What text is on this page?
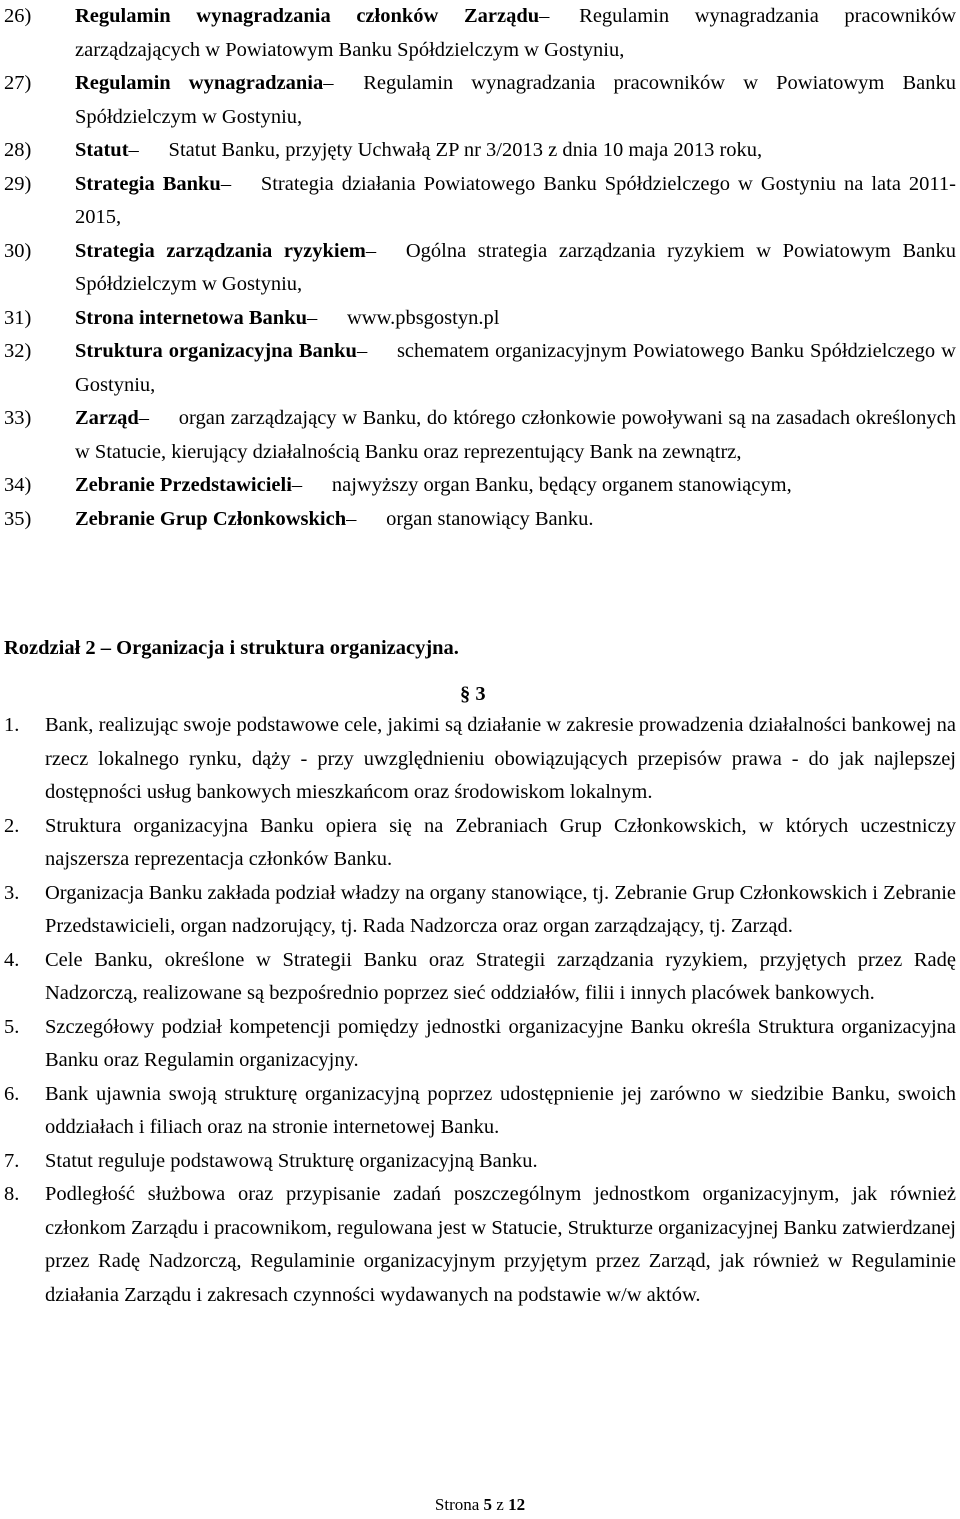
26) Regulamin wynagradzania członków Zarządu– Regulamin wynagradzania pracowników zarządzających w Powiatowym Banku Spółdzielczym w Gostyniu,
27) Regulamin wynagradzania– Regulamin wynagradzania pracowników w Powiatowym Banku Spółdzielczym w Gostyniu,
28) Statut– Statut Banku, przyjęty Uchwałą ZP nr 3/2013 z dnia 10 maja 2013 roku,
29) Strategia Banku– Strategia działania Powiatowego Banku Spółdzielczego w Gostyniu na lata 2011-2015,
30) Strategia zarządzania ryzykiem– Ogólna strategia zarządzania ryzykiem w Powiatowym Banku Spółdzielczym w Gostyniu,
31) Strona internetowa Banku– www.pbsgostyn.pl
32) Struktura organizacyjna Banku– schematem organizacyjnym Powiatowego Banku Spółdzielczego w Gostyniu,
33) Zarząd– organ zarządzający w Banku, do którego członkowie powoływani są na zasadach określonych w Statucie, kierujący działalnością Banku oraz reprezentujący Bank na zewnątrz,
34) Zebranie Przedstawicieli– najwyższy organ Banku, będący organem stanowiącym,
35) Zebranie Grup Członkowskich– organ stanowiący Banku.
Rozdział 2 – Organizacja i struktura organizacyjna.
§ 3
1. Bank, realizując swoje podstawowe cele, jakimi są działanie w zakresie prowadzenia działalności bankowej na rzecz lokalnego rynku, dąży - przy uwzględnieniu obowiązujących przepisów prawa - do jak najlepszej dostępności usług bankowych mieszkańcom oraz środowiskom lokalnym.
2. Struktura organizacyjna Banku opiera się na Zebraniach Grup Członkowskich, w których uczestniczy najszersza reprezentacja członków Banku.
3. Organizacja Banku zakłada podział władzy na organy stanowiące, tj. Zebranie Grup Członkowskich i Zebranie Przedstawicieli, organ nadzorujący, tj. Rada Nadzorcza oraz organ zarządzający, tj. Zarząd.
4. Cele Banku, określone w Strategii Banku oraz Strategii zarządzania ryzykiem, przyjętych przez Radę Nadzorczą, realizowane są bezpośrednio poprzez sieć oddziałów, filii i innych placówek bankowych.
5. Szczegółowy podział kompetencji pomiędzy jednostki organizacyjne Banku określa Struktura organizacyjna Banku oraz Regulamin organizacyjny.
6. Bank ujawnia swoją strukturę organizacyjną poprzez udostępnienie jej zarówno w siedzibie Banku, swoich oddziałach i filiach oraz na stronie internetowej Banku.
7. Statut reguluje podstawową Strukturę organizacyjną Banku.
8. Podległość służbowa oraz przypisanie zadań poszczególnym jednostkom organizacyjnym, jak również członkom Zarządu i pracownikom, regulowana jest w Statucie, Strukturze organizacyjnej Banku zatwierdzanej przez Radę Nadzorczą, Regulaminie organizacyjnym przyjętym przez Zarząd, jak również w Regulaminie działania Zarządu i zakresach czynności wydawanych na podstawie w/w aktów.
Strona 5 z 12
